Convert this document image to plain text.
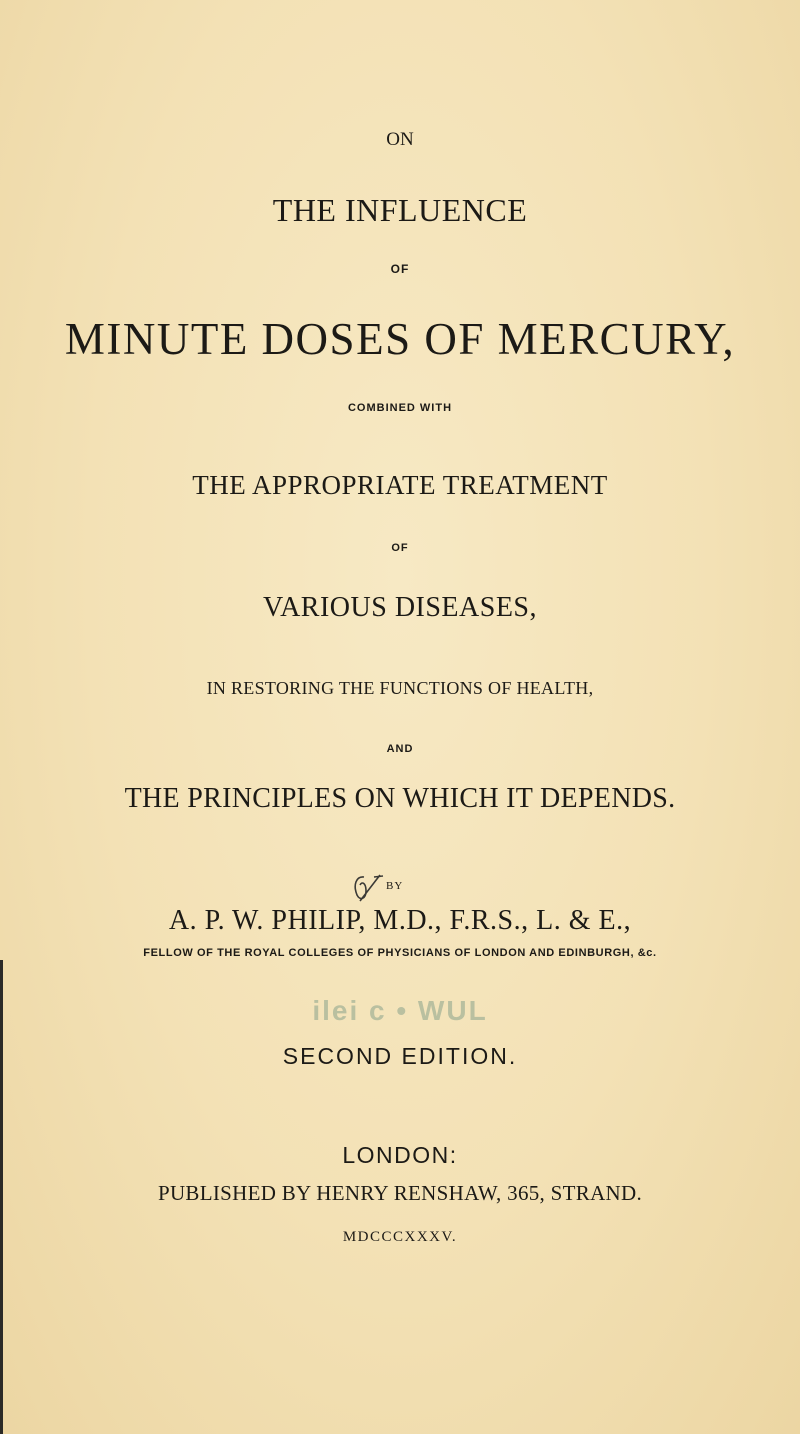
ON
THE INFLUENCE
OF
MINUTE DOSES OF MERCURY,
COMBINED WITH
THE APPROPRIATE TREATMENT
OF
VARIOUS DISEASES,
IN RESTORING THE FUNCTIONS OF HEALTH,
AND
THE PRINCIPLES ON WHICH IT DEPENDS.
BY
A. P. W. PHILIP, M.D., F.R.S., L. & E.,
FELLOW OF THE ROYAL COLLEGES OF PHYSICIANS OF LONDON AND EDINBURGH, &c.
ilei c • WUL
SECOND EDITION.
LONDON:
PUBLISHED BY HENRY RENSHAW, 365, STRAND.
MDCCCXXXV.
